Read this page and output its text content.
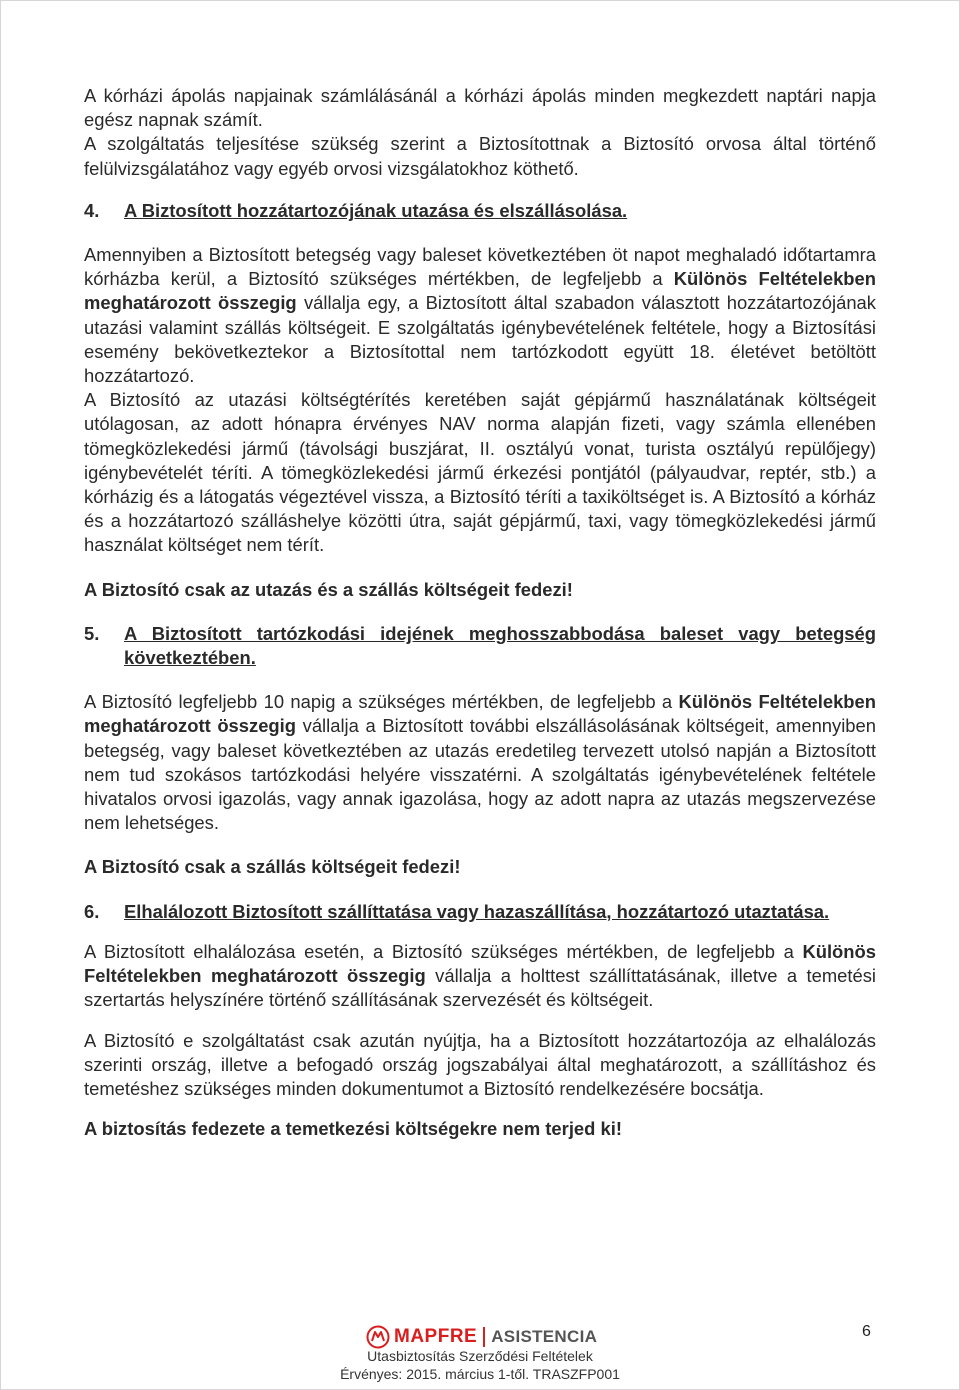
A kórházi ápolás napjainak számlálásánál a kórházi ápolás minden megkezdett naptári napja egész napnak számít.

A szolgáltatás teljesítése szükség szerint a Biztosítottnak a Biztosító orvosa által történő felülvizsgálatához vagy egyéb orvosi vizsgálatokhoz köthető.

4.	A Biztosított hozzátartozójának utazása és elszállásolása.

Amennyiben a Biztosított betegség vagy baleset következtében öt napot meghaladó időtartamra kórházba kerül, a Biztosító szükséges mértékben, de legfeljebb a Különös Feltételekben meghatározott összegig vállalja egy, a Biztosított által szabadon választott hozzátartozójának utazási valamint szállás költségeit. E szolgáltatás igénybevételének feltétele, hogy a Biztosítási esemény bekövetkeztekor a Biztosítottal nem tartózkodott együtt 18. életévet betöltött hozzátartozó.

A Biztosító az utazási költségtérítés keretében saját gépjármű használatának költségeit utólagosan, az adott hónapra érvényes NAV norma alapján fizeti, vagy számla ellenében tömegközlekedési jármű (távolsági buszjárat, II. osztályú vonat, turista osztályú repülőjegy) igénybevételét téríti. A tömegközlekedési jármű érkezési pontjától (pályaudvar, reptér, stb.) a kórházig és a látogatás végeztével vissza, a Biztosító téríti a taxiköltséget is. A Biztosító a kórház és a hozzátartozó szálláshelye közötti útra, saját gépjármű, taxi, vagy tömegközlekedési jármű használat költséget nem térít.

A Biztosító csak az utazás és a szállás költségeit fedezi!

5.	A Biztosított tartózkodási idejének meghosszabbodása baleset vagy betegség következtében.

A Biztosító legfeljebb 10 napig a szükséges mértékben, de legfeljebb a Különös Feltételekben meghatározott összegig vállalja a Biztosított további elszállásolásának költségeit, amennyiben betegség, vagy baleset következtében az utazás eredetileg tervezett utolsó napján a Biztosított nem tud szokásos tartózkodási helyére visszatérni. A szolgáltatás igénybevételének feltétele hivatalos orvosi igazolás, vagy annak igazolása, hogy az adott napra az utazás megszervezése nem lehetséges.

A Biztosító csak a szállás költségeit fedezi!

6.	Elhalálozott Biztosított szállíttatása vagy hazaszállítása, hozzátartozó utaztatása.

A Biztosított elhalálozása esetén, a Biztosító szükséges mértékben, de legfeljebb a Különös Feltételekben meghatározott összegig vállalja a holttest szállíttatásának, illetve a temetési szertartás helyszínére történő szállításának szervezését és költségeit.

A Biztosító e szolgáltatást csak azután nyújtja, ha a Biztosított hozzátartozója az elhalálozás szerinti ország, illetve a befogadó ország jogszabályai által meghatározott, a szállításhoz és temetéshez szükséges minden dokumentumot a Biztosító rendelkezésére bocsátja.

A biztosítás fedezete a temetkezési költségekre nem terjed ki!

MAPFRE ASISTENCIA
Utasbiztosítás Szerződési Feltételek
Érvényes: 2015. március 1-től. TRASZFP001
6
